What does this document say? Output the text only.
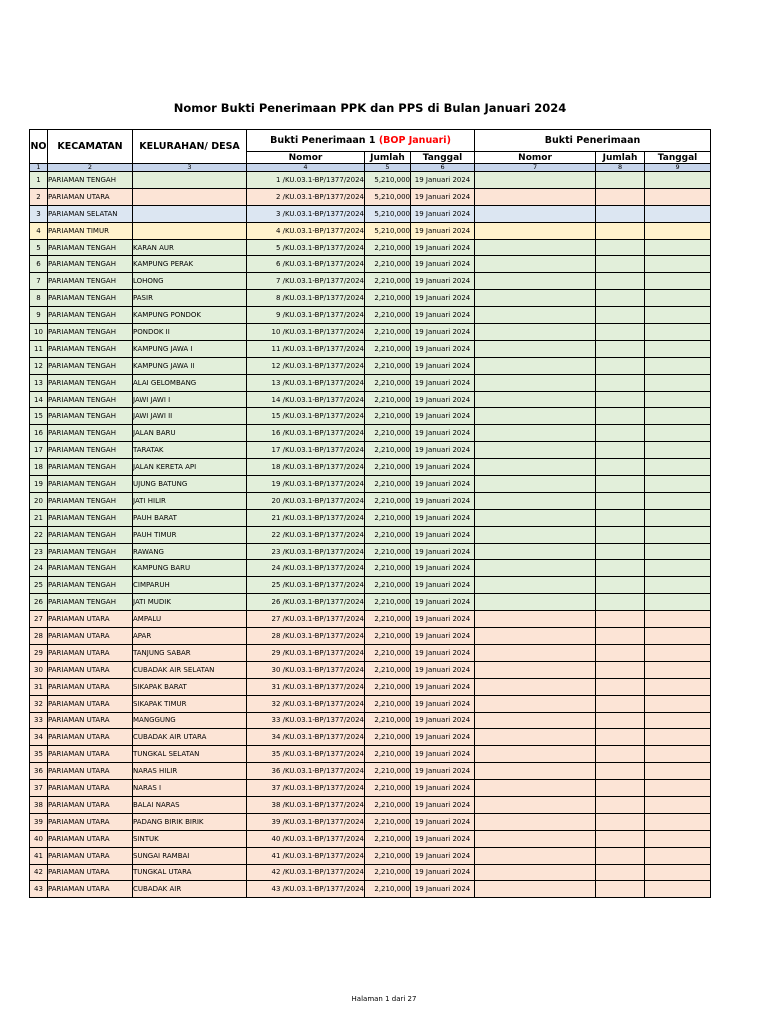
Nomor Bukti Penerimaan PPK dan PPS di Bulan Januari 2024
NO	KECAMATAN	KELURAHAN/ DESA	Bukti Penerimaan 1 (BOP Januari)			Bukti Penerimaan		
			Nomor	Jumlah	Tanggal	Nomor	Jumlah	Tanggal
1	2	3	4	5	6	7	8	9
1	PARIAMAN TENGAH		1 /KU.03.1-BP/1377/2024	5,210,000	19 Januari 2024			
2	PARIAMAN UTARA		2 /KU.03.1-BP/1377/2024	5,210,000	19 Januari 2024			
3	PARIAMAN SELATAN		3 /KU.03.1-BP/1377/2024	5,210,000	19 Januari 2024			
4	PARIAMAN TIMUR		4 /KU.03.1-BP/1377/2024	5,210,000	19 Januari 2024			
5	PARIAMAN TENGAH	KARAN AUR	5 /KU.03.1-BP/1377/2024	2,210,000	19 Januari 2024			
6	PARIAMAN TENGAH	KAMPUNG PERAK	6 /KU.03.1-BP/1377/2024	2,210,000	19 Januari 2024			
7	PARIAMAN TENGAH	LOHONG	7 /KU.03.1-BP/1377/2024	2,210,000	19 Januari 2024			
8	PARIAMAN TENGAH	PASIR	8 /KU.03.1-BP/1377/2024	2,210,000	19 Januari 2024			
9	PARIAMAN TENGAH	KAMPUNG PONDOK	9 /KU.03.1-BP/1377/2024	2,210,000	19 Januari 2024			
10	PARIAMAN TENGAH	PONDOK II	10 /KU.03.1-BP/1377/2024	2,210,000	19 Januari 2024			
11	PARIAMAN TENGAH	KAMPUNG JAWA I	11 /KU.03.1-BP/1377/2024	2,210,000	19 Januari 2024			
12	PARIAMAN TENGAH	KAMPUNG JAWA II	12 /KU.03.1-BP/1377/2024	2,210,000	19 Januari 2024			
13	PARIAMAN TENGAH	ALAI GELOMBANG	13 /KU.03.1-BP/1377/2024	2,210,000	19 Januari 2024			
14	PARIAMAN TENGAH	JAWI JAWI I	14 /KU.03.1-BP/1377/2024	2,210,000	19 Januari 2024			
15	PARIAMAN TENGAH	JAWI JAWI II	15 /KU.03.1-BP/1377/2024	2,210,000	19 Januari 2024			
16	PARIAMAN TENGAH	JALAN BARU	16 /KU.03.1-BP/1377/2024	2,210,000	19 Januari 2024			
17	PARIAMAN TENGAH	TARATAK	17 /KU.03.1-BP/1377/2024	2,210,000	19 Januari 2024			
18	PARIAMAN TENGAH	JALAN KERETA API	18 /KU.03.1-BP/1377/2024	2,210,000	19 Januari 2024			
19	PARIAMAN TENGAH	UJUNG BATUNG	19 /KU.03.1-BP/1377/2024	2,210,000	19 Januari 2024			
20	PARIAMAN TENGAH	JATI HILIR	20 /KU.03.1-BP/1377/2024	2,210,000	19 Januari 2024			
21	PARIAMAN TENGAH	PAUH BARAT	21 /KU.03.1-BP/1377/2024	2,210,000	19 Januari 2024			
22	PARIAMAN TENGAH	PAUH TIMUR	22 /KU.03.1-BP/1377/2024	2,210,000	19 Januari 2024			
23	PARIAMAN TENGAH	RAWANG	23 /KU.03.1-BP/1377/2024	2,210,000	19 Januari 2024			
24	PARIAMAN TENGAH	KAMPUNG BARU	24 /KU.03.1-BP/1377/2024	2,210,000	19 Januari 2024			
25	PARIAMAN TENGAH	CIMPARUH	25 /KU.03.1-BP/1377/2024	2,210,000	19 Januari 2024			
26	PARIAMAN TENGAH	JATI MUDIK	26 /KU.03.1-BP/1377/2024	2,210,000	19 Januari 2024			
27	PARIAMAN UTARA	AMPALU	27 /KU.03.1-BP/1377/2024	2,210,000	19 Januari 2024			
28	PARIAMAN UTARA	APAR	28 /KU.03.1-BP/1377/2024	2,210,000	19 Januari 2024			
29	PARIAMAN UTARA	TANJUNG SABAR	29 /KU.03.1-BP/1377/2024	2,210,000	19 Januari 2024			
30	PARIAMAN UTARA	CUBADAK AIR SELATAN	30 /KU.03.1-BP/1377/2024	2,210,000	19 Januari 2024			
31	PARIAMAN UTARA	SIKAPAK BARAT	31 /KU.03.1-BP/1377/2024	2,210,000	19 Januari 2024			
32	PARIAMAN UTARA	SIKAPAK TIMUR	32 /KU.03.1-BP/1377/2024	2,210,000	19 Januari 2024			
33	PARIAMAN UTARA	MANGGUNG	33 /KU.03.1-BP/1377/2024	2,210,000	19 Januari 2024			
34	PARIAMAN UTARA	CUBADAK AIR UTARA	34 /KU.03.1-BP/1377/2024	2,210,000	19 Januari 2024			
35	PARIAMAN UTARA	TUNGKAL SELATAN	35 /KU.03.1-BP/1377/2024	2,210,000	19 Januari 2024			
36	PARIAMAN UTARA	NARAS HILIR	36 /KU.03.1-BP/1377/2024	2,210,000	19 Januari 2024			
37	PARIAMAN UTARA	NARAS I	37 /KU.03.1-BP/1377/2024	2,210,000	19 Januari 2024			
38	PARIAMAN UTARA	BALAI NARAS	38 /KU.03.1-BP/1377/2024	2,210,000	19 Januari 2024			
39	PARIAMAN UTARA	PADANG BIRIK BIRIK	39 /KU.03.1-BP/1377/2024	2,210,000	19 Januari 2024			
40	PARIAMAN UTARA	SINTUK	40 /KU.03.1-BP/1377/2024	2,210,000	19 Januari 2024			
41	PARIAMAN UTARA	SUNGAI RAMBAI	41 /KU.03.1-BP/1377/2024	2,210,000	19 Januari 2024			
42	PARIAMAN UTARA	TUNGKAL UTARA	42 /KU.03.1-BP/1377/2024	2,210,000	19 Januari 2024			
43	PARIAMAN UTARA	CUBADAK AIR	43 /KU.03.1-BP/1377/2024	2,210,000	19 Januari 2024			
Halaman 1 dari 27
